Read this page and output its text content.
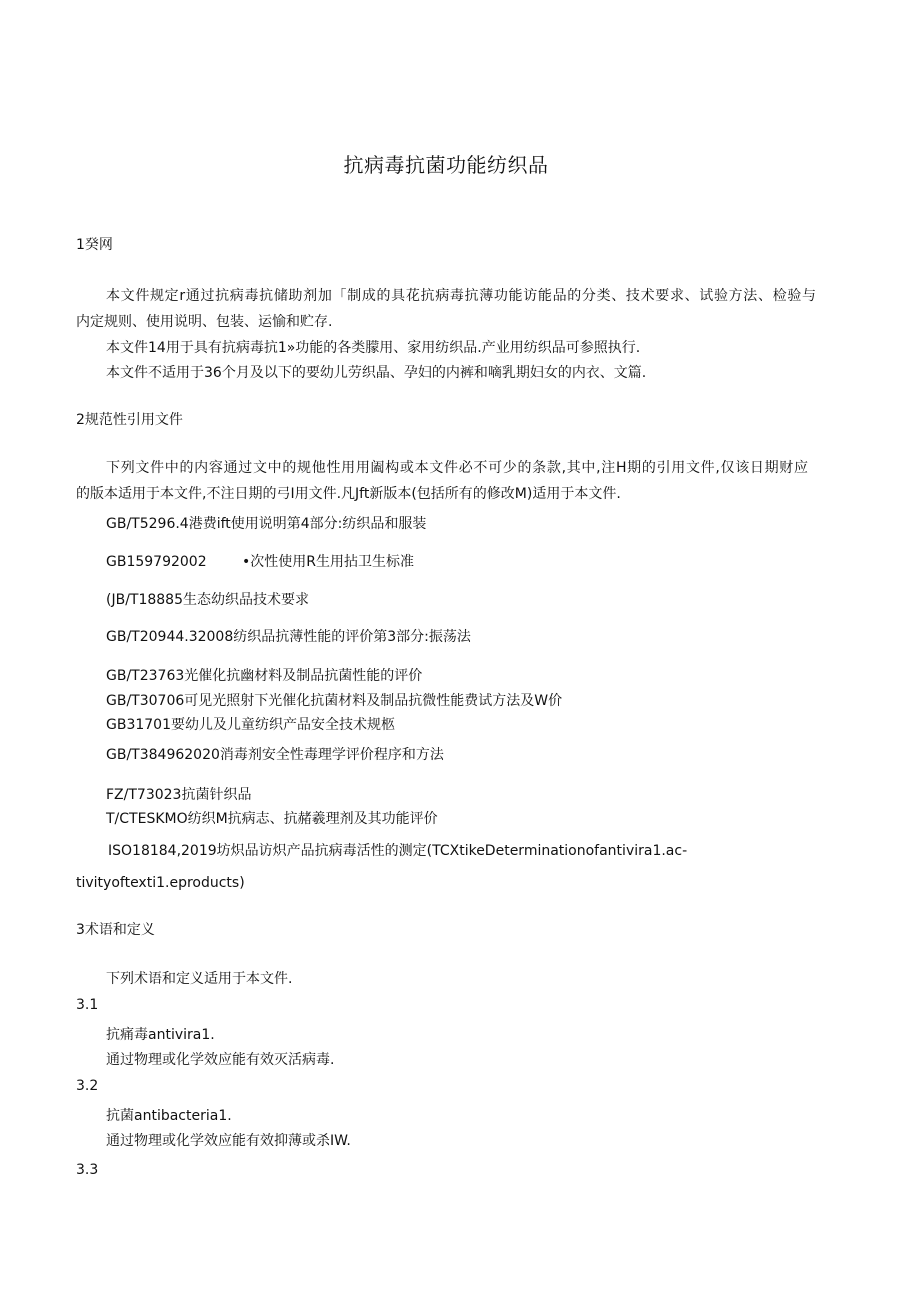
抗病毒抗菌功能纺织品
1癸网
本文件规定r通过抗病毒抗储助剂加「制成的具花抗病毒抗薄功能访能品的分类、技术要求、试验方法、检验与
内定规则、使用说明、包装、运愉和贮存.
本文件14用于具有抗病毒抗1»功能的各类朦用、家用纺织品.产业用纺织品可参照执行.
本文件不适用于36个月及以下的要幼儿劳织晶、孕妇的内裤和嘀乳期妇女的内衣、文篇.
2规范性引用文件
下列文件中的内容通过文中的规他性用用阖构或本文件必不可少的条款,其中,注H期的引用文件,仅该日期财应
的版本适用于本文件,不注日期的弓I用文件.凡Jft新版本(包括所有的修改M)适用于本文件.
GB/T5296.4港费ⅰft使用说明第4部分:纺织品和服装
GB159792002	•次性使用R生用拈卫生标准
(JB/T18885生态幼织品技术要求
GB/T20944.32008纺织品抗薄性能的评价第3部分:振荡法
GB/T23763光催化抗幽材料及制品抗菌性能的评价
GB/T30706可见光照射下光催化抗菌材料及制品抗微性能费试方法及W价
GB31701要幼儿及儿童纺织产品安全技术规柩
GB/T384962020消毒剂安全性毒理学评价程序和方法
FZ/T73023抗菌针织品
T/CTESKMO纺织M抗病志、抗赭羲理剂及其功能评价
ISO18184,2019坊炽品访炽产品抗病毒活性的测定(TCXtikeDeterminationofantivira1.ac-
tivityoftexti1.eproducts)
3术语和定义
下列术语和定义适用于本文件.
3.1
抗痛毒antivira1.
通过物理或化学效应能有效灭活病毒.
3.2
抗菌antibacteria1.
通过物理或化学效应能有效抑薄或杀IW.
3.3
